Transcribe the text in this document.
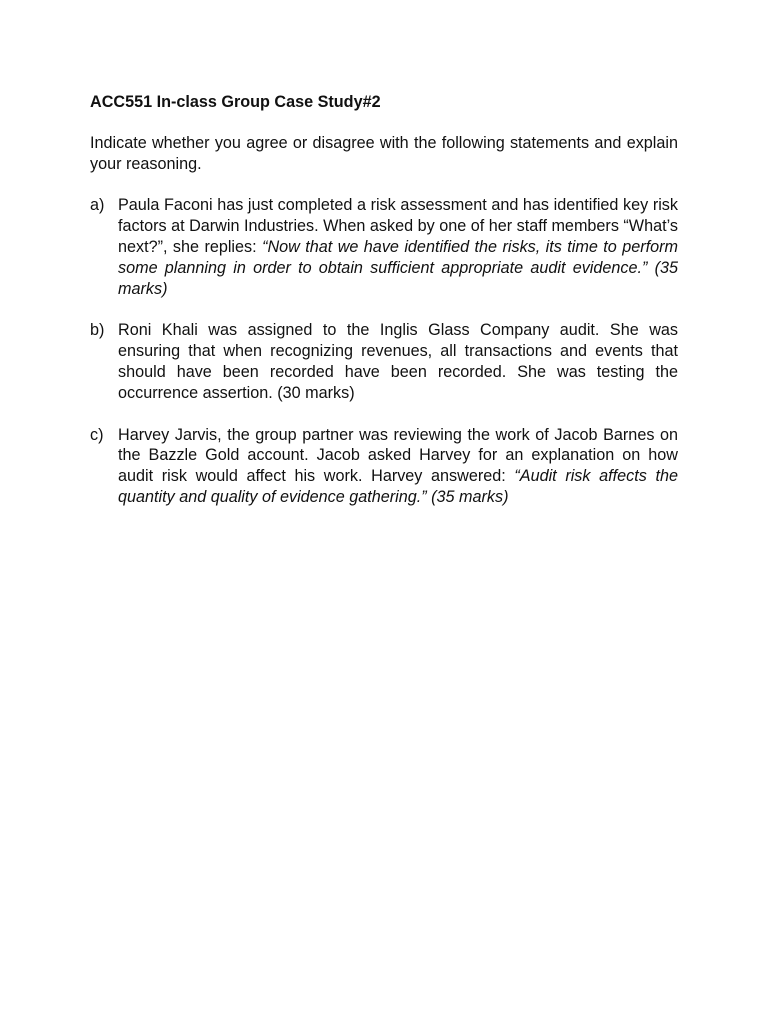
ACC551 In-class Group Case Study#2
Indicate whether you agree or disagree with the following statements and explain your reasoning.
a) Paula Faconi has just completed a risk assessment and has identified key risk factors at Darwin Industries. When asked by one of her staff members “What’s next?”, she replies: “Now that we have identified the risks, its time to perform some planning in order to obtain sufficient appropriate audit evidence.” (35 marks)
b) Roni Khali was assigned to the Inglis Glass Company audit. She was ensuring that when recognizing revenues, all transactions and events that should have been recorded have been recorded. She was testing the occurrence assertion. (30 marks)
c) Harvey Jarvis, the group partner was reviewing the work of Jacob Barnes on the Bazzle Gold account. Jacob asked Harvey for an explanation on how audit risk would affect his work. Harvey answered: “Audit risk affects the quantity and quality of evidence gathering.” (35 marks)
